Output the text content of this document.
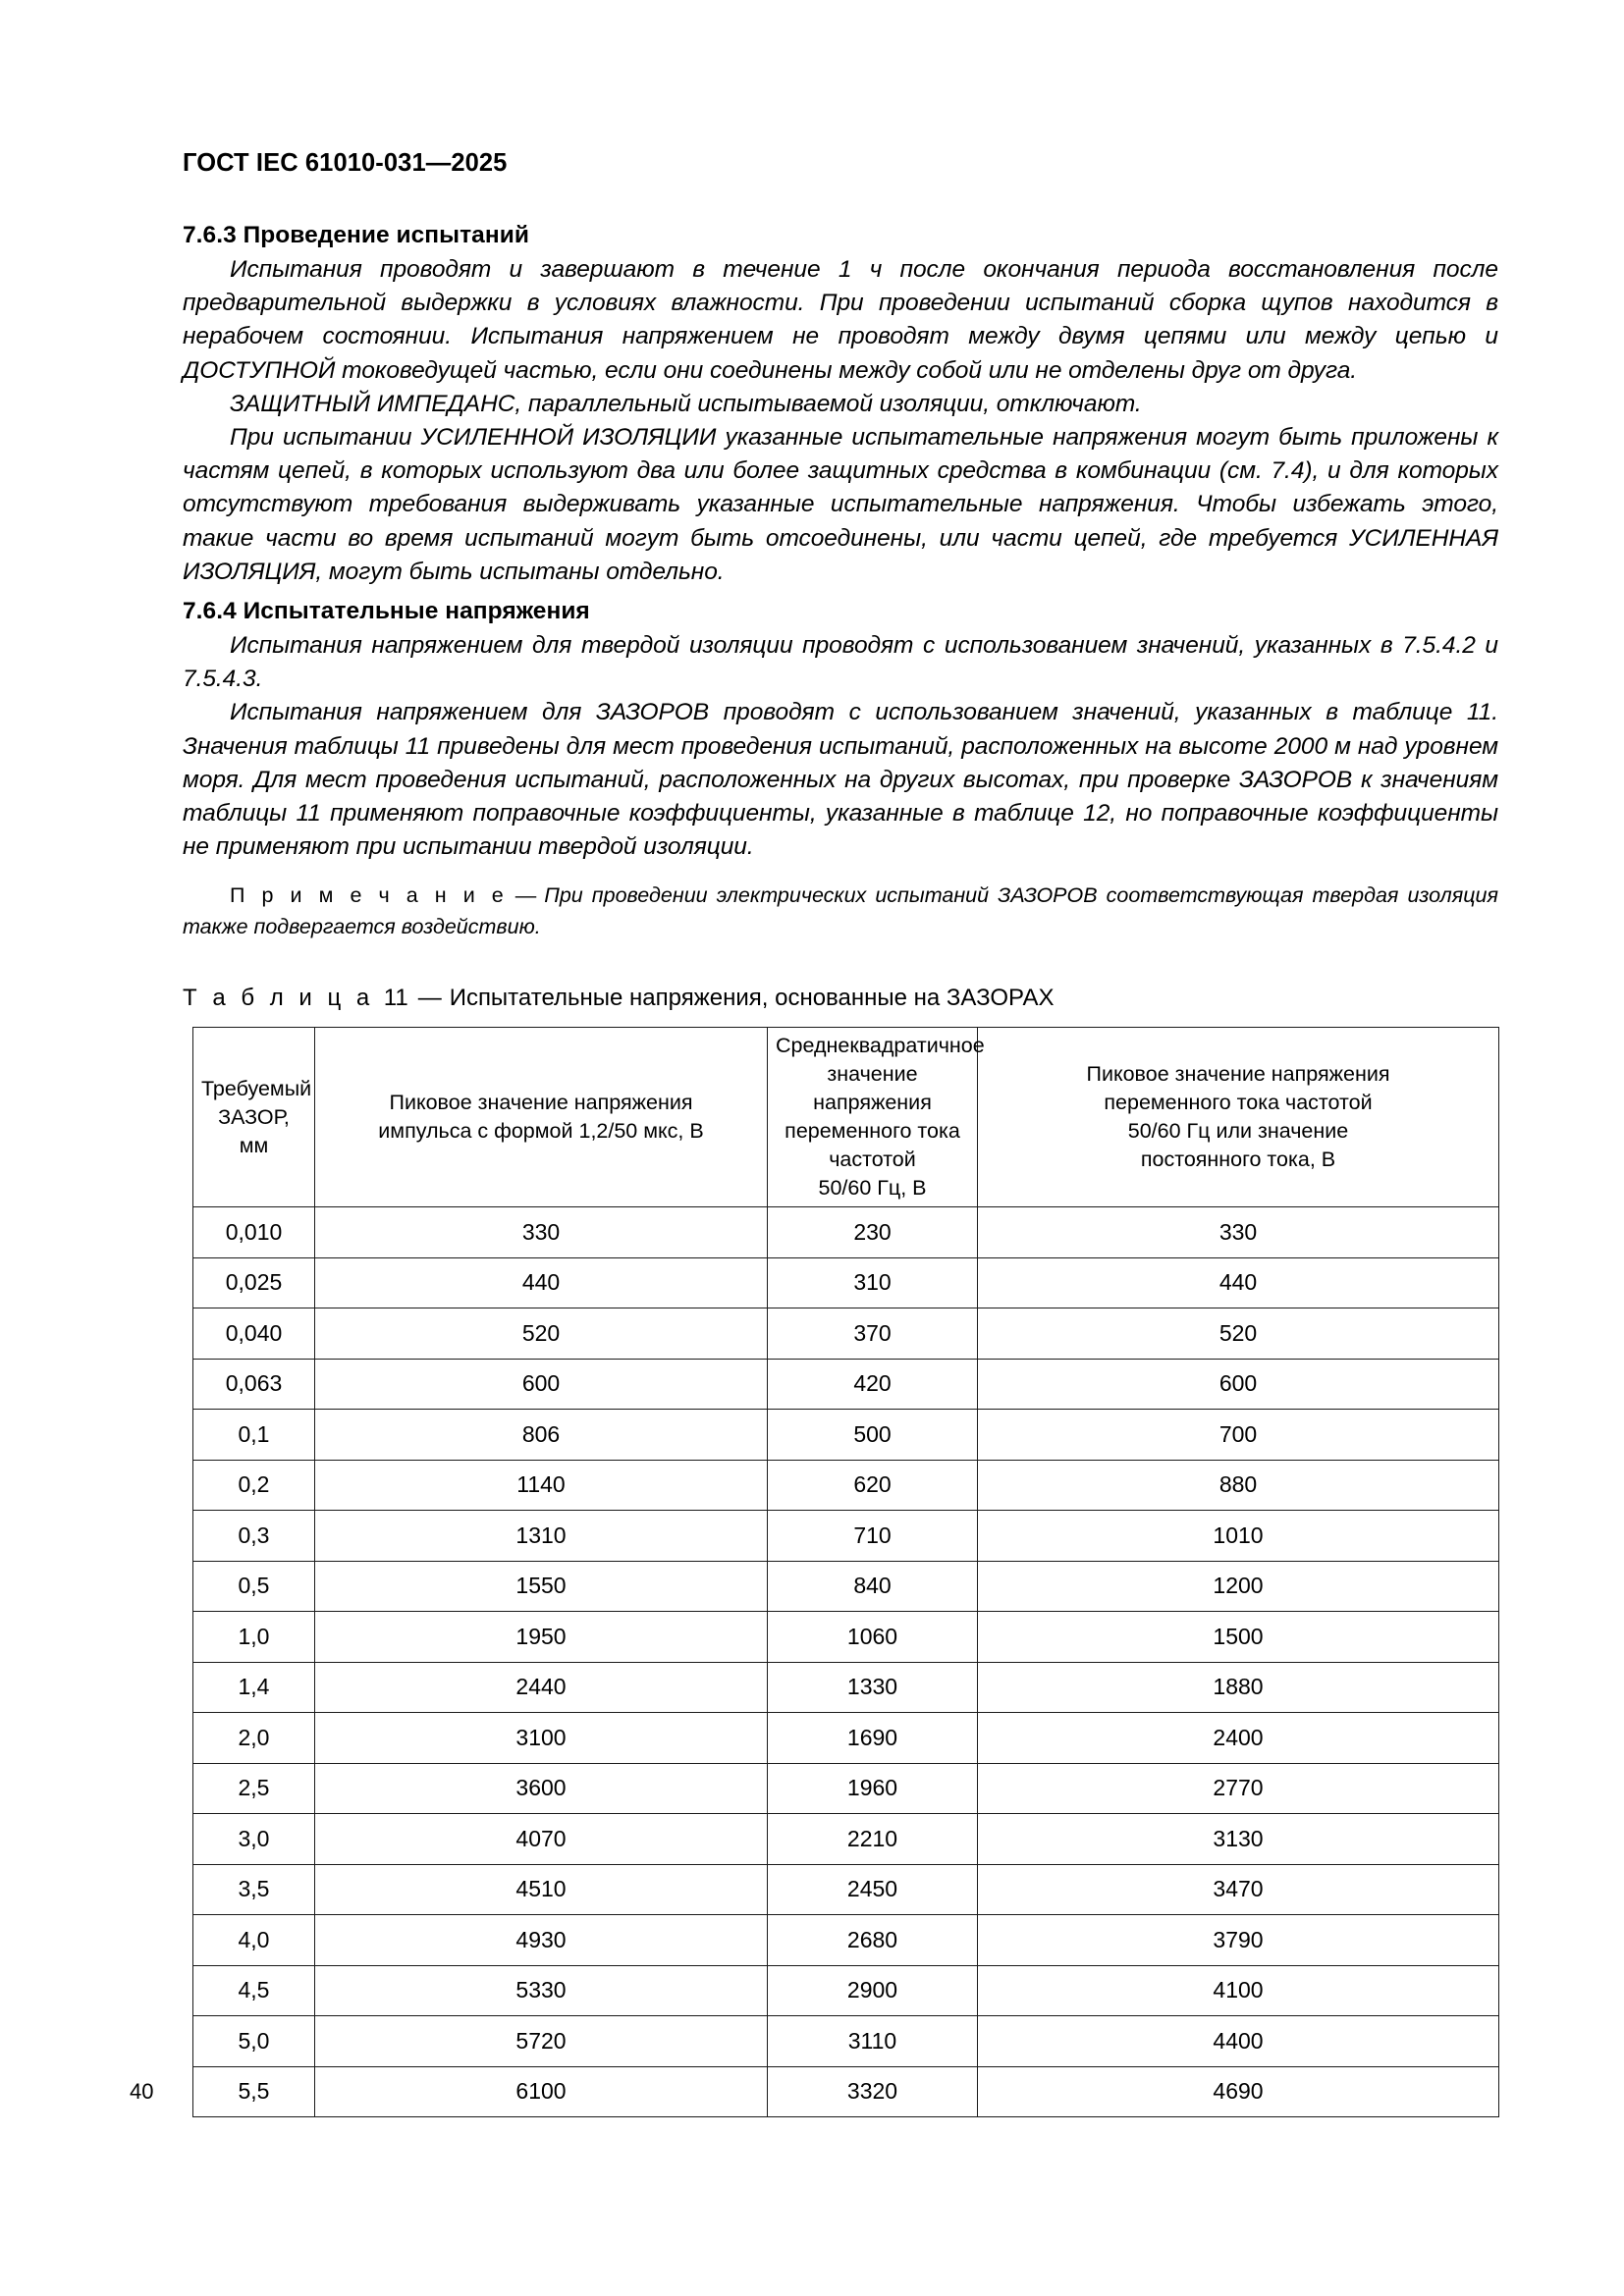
ГОСТ IEC 61010-031—2025
7.6.3 Проведение испытаний

Испытания проводят и завершают в течение 1 ч после окончания периода восстановления после предварительной выдержки в условиях влажности. При проведении испытаний сборка щупов находится в нерабочем состоянии. Испытания напряжением не проводят между двумя цепями или между цепью и ДОСТУПНОЙ токоведущей частью, если они соединены между собой или не отделены друг от друга.

ЗАЩИТНЫЙ ИМПЕДАНС, параллельный испытываемой изоляции, отключают.

При испытании УСИЛЕННОЙ ИЗОЛЯЦИИ указанные испытательные напряжения могут быть приложены к частям цепей, в которых используют два или более защитных средства в комбинации (см. 7.4), и для которых отсутствуют требования выдерживать указанные испытательные напряжения. Чтобы избежать этого, такие части во время испытаний могут быть отсоединены, или части цепей, где требуется УСИЛЕННАЯ ИЗОЛЯЦИЯ, могут быть испытаны отдельно.

7.6.4 Испытательные напряжения

Испытания напряжением для твердой изоляции проводят с использованием значений, указанных в 7.5.4.2 и 7.5.4.3.

Испытания напряжением для ЗАЗОРОВ проводят с использованием значений, указанных в таблице 11. Значения таблицы 11 приведены для мест проведения испытаний, расположенных на высоте 2000 м над уровнем моря. Для мест проведения испытаний, расположенных на других высотах, при проверке ЗАЗОРОВ к значениям таблицы 11 применяют поправочные коэффициенты, указанные в таблице 12, но поправочные коэффициенты не применяют при испытании твердой изоляции.

П р и м е ч а н и е — При проведении электрических испытаний ЗАЗОРОВ соответствующая твердая изоляция также подвергается воздействию.

Т а б л и ц а 11 — Испытательные напряжения, основанные на ЗАЗОРАХ
Требуемый ЗАЗОР,
мм

Пиковое значение напряжения
импульса с формой 1,2/50 мкс, В

Среднеквадратичное
значение напряжения
переменного тока частотой
50/60 Гц, В

Пиковое значение напряжения
переменного тока частотой
50/60 Гц или значение
постоянного тока, В

0,010	330	230	330
0,025	440	310	440
0,040	520	370	520
0,063	600	420	600
0,1	806	500	700
0,2	1140	620	880
0,3	1310	710	1010
0,5	1550	840	1200
1,0	1950	1060	1500
1,4	2440	1330	1880
2,0	3100	1690	2400
2,5	3600	1960	2770
3,0	4070	2210	3130
3,5	4510	2450	3470
4,0	4930	2680	3790
4,5	5330	2900	4100
5,0	5720	3110	4400
5,5	6100	3320	4690
40
